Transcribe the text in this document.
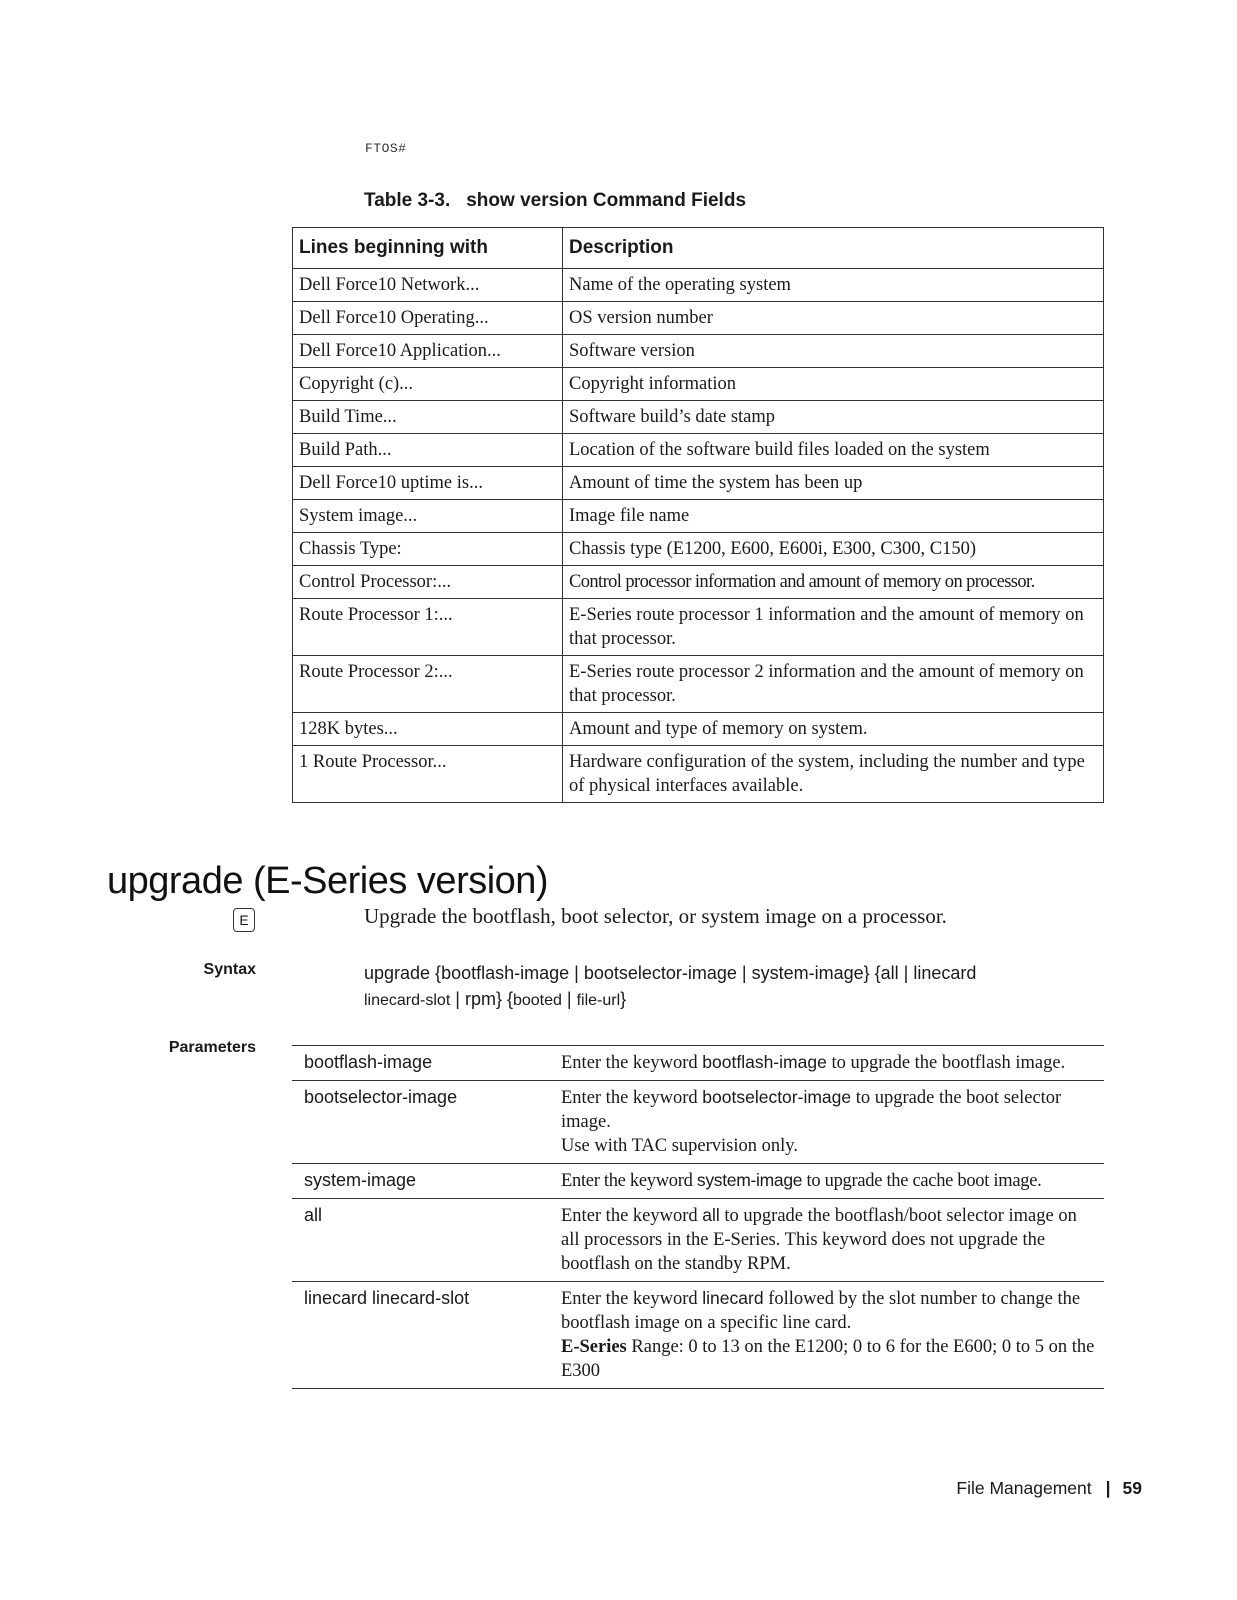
FTOS#
Table 3-3. show version Command Fields
Lines beginning with	Description
Dell Force10 Network...	Name of the operating system
Dell Force10 Operating...	OS version number
Dell Force10 Application...	Software version
Copyright (c)...	Copyright information
Build Time...	Software build’s date stamp
Build Path...	Location of the software build files loaded on the system
Dell Force10 uptime is...	Amount of time the system has been up
System image...	Image file name
Chassis Type:	Chassis type (E1200, E600, E600i, E300, C300, C150)
Control Processor:...	Control processor information and amount of memory on processor.
Route Processor 1:...	E-Series route processor 1 information and the amount of memory on that processor.
Route Processor 2:...	E-Series route processor 2 information and the amount of memory on that processor.
128K bytes...	Amount and type of memory on system.
1 Route Processor...	Hardware configuration of the system, including the number and type of physical interfaces available.
upgrade (E-Series version)
E	Upgrade the bootflash, boot selector, or system image on a processor.
Syntax	upgrade {bootflash-image | bootselector-image | system-image} {all | linecard
linecard-slot | rpm} {booted | file-url}
Parameters
bootflash-image	Enter the keyword bootflash-image to upgrade the bootflash image.
bootselector-image	Enter the keyword bootselector-image to upgrade the boot selector image.
Use with TAC supervision only.
system-image	Enter the keyword system-image to upgrade the cache boot image.
all	Enter the keyword all to upgrade the bootflash/boot selector image on all processors in the E-Series. This keyword does not upgrade the bootflash on the standby RPM.
linecard linecard-slot	Enter the keyword linecard followed by the slot number to change the bootflash image on a specific line card.
E-Series Range: 0 to 13 on the E1200; 0 to 6 for the E600; 0 to 5 on the E300
File Management | 59
